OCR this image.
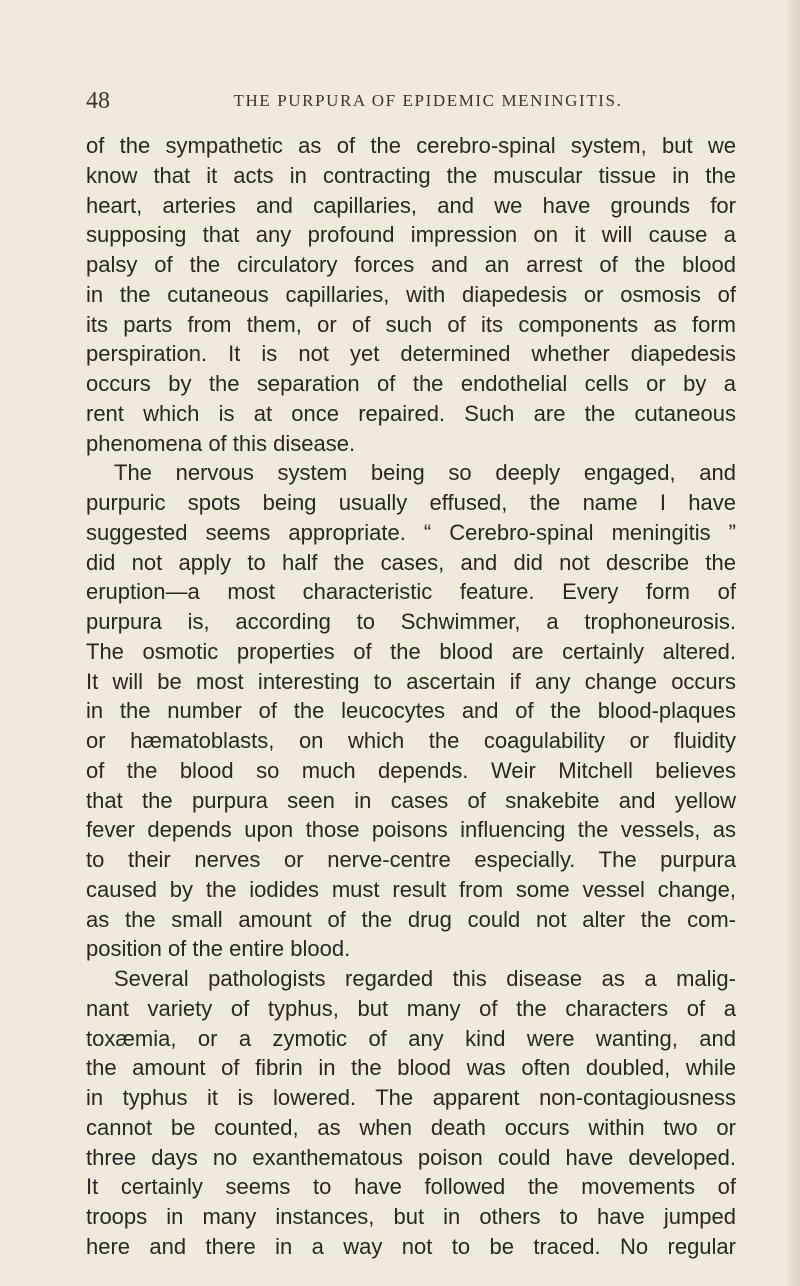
48	THE PURPURA OF EPIDEMIC MENINGITIS.
of the sympathetic as of the cerebro-spinal system, but we
know that it acts in contracting the muscular tissue in the
heart, arteries and capillaries, and we have grounds for
supposing that any profound impression on it will cause a
palsy of the circulatory forces and an arrest of the blood
in the cutaneous capillaries, with diapedesis or osmosis of
its parts from them, or of such of its components as form
perspiration. It is not yet determined whether diapedesis
occurs by the separation of the endothelial cells or by a
rent which is at once repaired. Such are the cutaneous
phenomena of this disease.
The nervous system being so deeply engaged, and
purpuric spots being usually effused, the name I have
suggested seems appropriate. “ Cerebro-spinal meningitis ”
did not apply to half the cases, and did not describe the
eruption—a most characteristic feature. Every form of
purpura is, according to Schwimmer, a trophoneurosis.
The osmotic properties of the blood are certainly altered.
It will be most interesting to ascertain if any change occurs
in the number of the leucocytes and of the blood-plaques
or hæmatoblasts, on which the coagulability or fluidity
of the blood so much depends. Weir Mitchell believes
that the purpura seen in cases of snakebite and yellow
fever depends upon those poisons influencing the vessels, as
to their nerves or nerve-centre especially. The purpura
caused by the iodides must result from some vessel change,
as the small amount of the drug could not alter the com-
position of the entire blood.
Several pathologists regarded this disease as a malig-
nant variety of typhus, but many of the characters of a
toxæmia, or a zymotic of any kind were wanting, and
the amount of fibrin in the blood was often doubled, while
in typhus it is lowered. The apparent non-contagiousness
cannot be counted, as when death occurs within two or
three days no exanthematous poison could have developed.
It certainly seems to have followed the movements of
troops in many instances, but in others to have jumped
here and there in a way not to be traced. No regular
